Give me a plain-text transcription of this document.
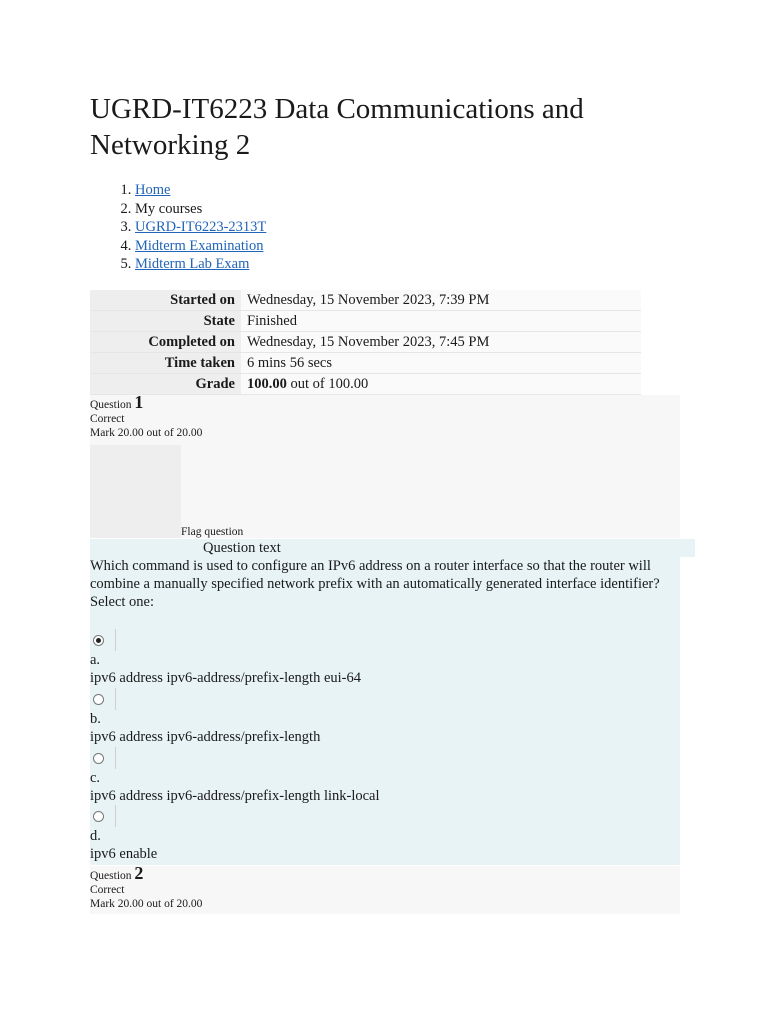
UGRD-IT6223 Data Communications and Networking 2
1. Home
2. My courses
3. UGRD-IT6223-2313T
4. Midterm Examination
5. Midterm Lab Exam
Started on	Wednesday, 15 November 2023, 7:39 PM
State	Finished
Completed on	Wednesday, 15 November 2023, 7:45 PM
Time taken	6 mins 56 secs
Grade	100.00 out of 100.00
Question 1
Correct
Mark 20.00 out of 20.00
Flag question
Question text

Which command is used to configure an IPv6 address on a router interface so that the router will combine a manually specified network prefix with an automatically generated interface identifier?

Select one:

a.
ipv6 address ipv6-address/prefix-length eui-64
b.
ipv6 address ipv6-address/prefix-length
c.
ipv6 address ipv6-address/prefix-length link-local
d.
ipv6 enable
Question 2
Correct
Mark 20.00 out of 20.00
